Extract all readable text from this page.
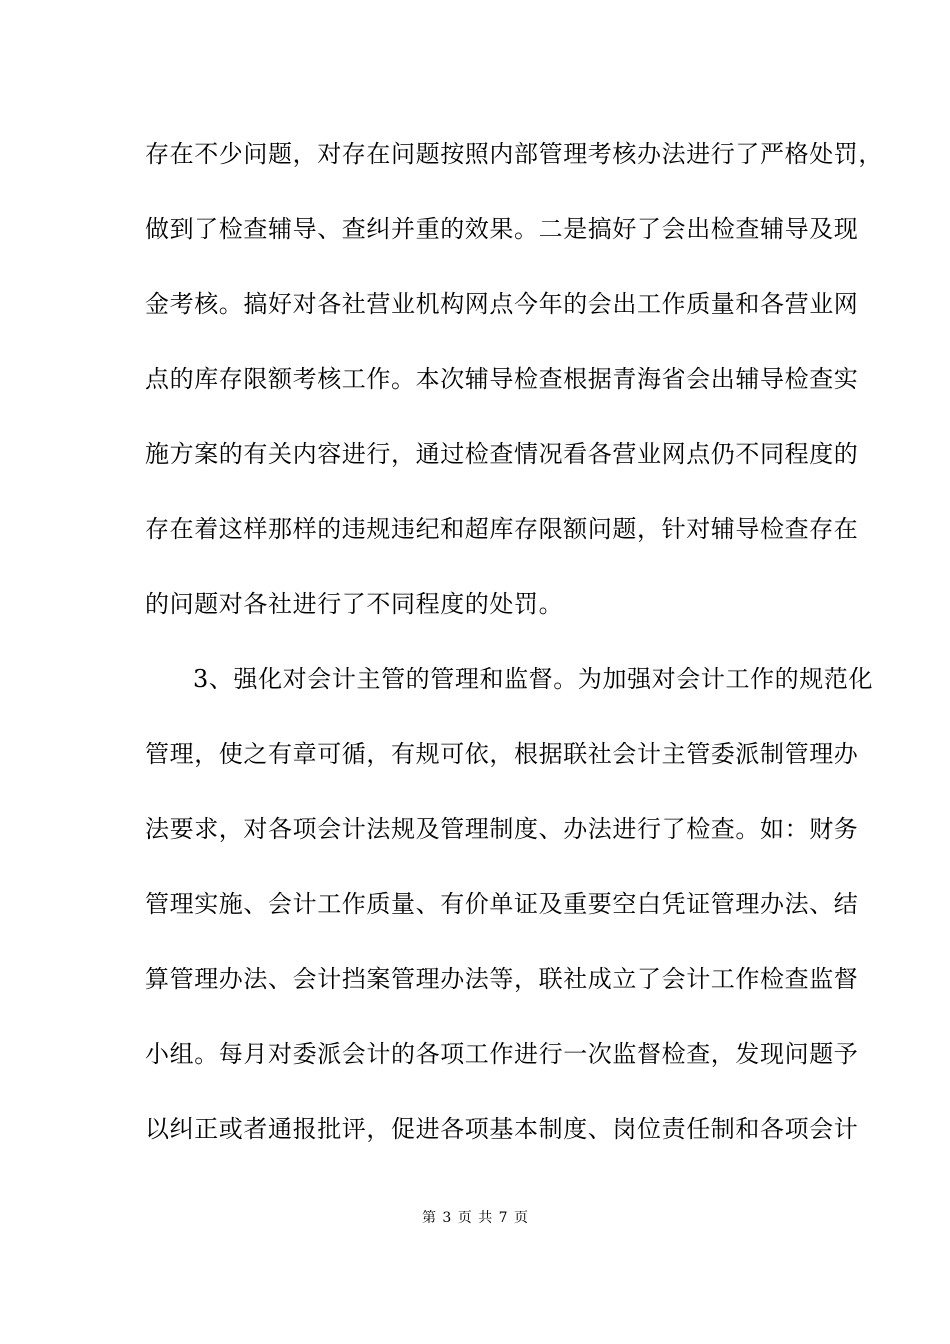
存在不少问题，对存在问题按照内部管理考核办法进行了严格处罚，
做到了检查辅导、查纠并重的效果。二是搞好了会出检查辅导及现
金考核。搞好对各社营业机构网点今年的会出工作质量和各营业网
点的库存限额考核工作。本次辅导检查根据青海省会出辅导检查实
施方案的有关内容进行，通过检查情况看各营业网点仍不同程度的
存在着这样那样的违规违纪和超库存限额问题，针对辅导检查存在
的问题对各社进行了不同程度的处罚。
3、强化对会计主管的管理和监督。为加强对会计工作的规范化
管理，使之有章可循，有规可依，根据联社会计主管委派制管理办
法要求，对各项会计法规及管理制度、办法进行了检查。如：财务
管理实施、会计工作质量、有价单证及重要空白凭证管理办法、结
算管理办法、会计挡案管理办法等，联社成立了会计工作检查监督
小组。每月对委派会计的各项工作进行一次监督检查，发现问题予
以纠正或者通报批评，促进各项基本制度、岗位责任制和各项会计
第 3 页 共 7 页
